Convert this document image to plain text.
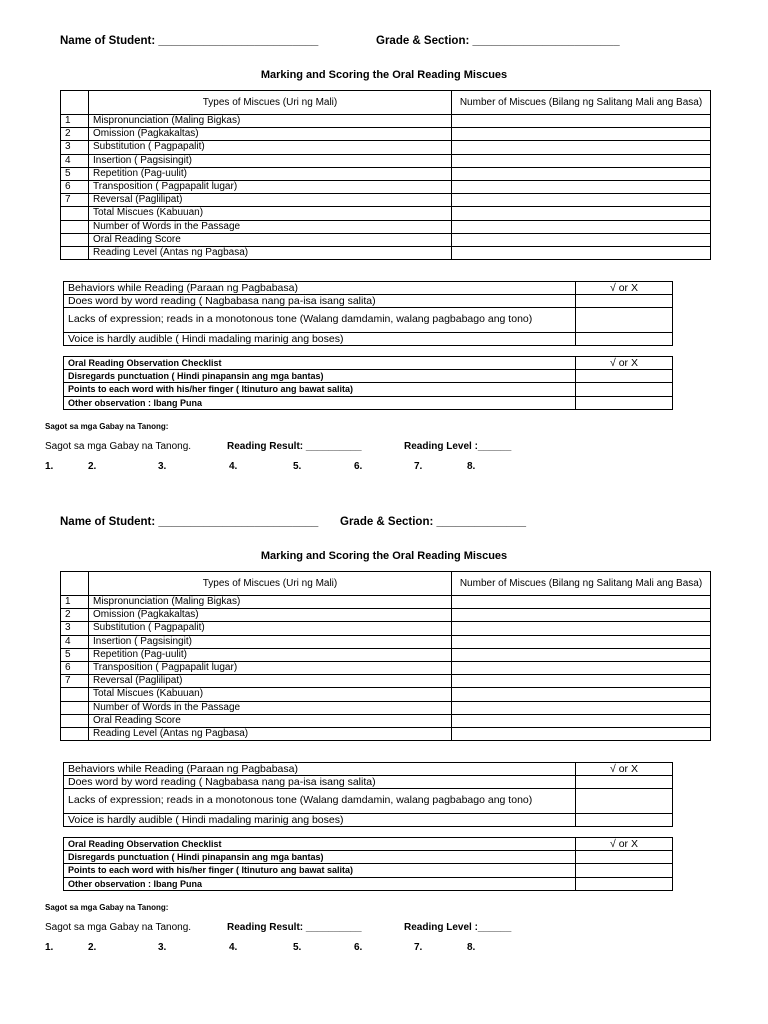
Name of Student: _________________________	Grade & Section: _______________________
Marking and Scoring the Oral Reading Miscues
	Types of Miscues (Uri ng Mali)	Number of Miscues (Bilang ng Salitang Mali ang Basa)
1	Mispronunciation (Maling Bigkas)	
2	Omission (Pagkakaltas)	
3	Substitution ( Pagpapalit)	
4	Insertion ( Pagsisingit)	
5	Repetition (Pag-uulit)	
6	Transposition ( Pagpapalit lugar)	
7	Reversal (Paglilipat)	
	Total Miscues (Kabuuan)	
	Number of Words in the Passage	
	Oral Reading Score	
	Reading Level (Antas ng Pagbasa)	
Behaviors while Reading (Paraan ng Pagbabasa)	√ or X
Does word by word reading ( Nagbabasa nang pa-isa isang salita)	
Lacks of expression; reads in a monotonous tone (Walang damdamin, walang pagbabago ang tono)	
Voice is hardly audible ( Hindi madaling marinig ang boses)	
Oral Reading Observation Checklist	√ or X
Disregards punctuation ( Hindi pinapansin ang mga bantas)	
Points to each word with his/her finger ( Itinuturo ang bawat salita)	
Other observation : Ibang Puna	
Sagot sa mga Gabay na Tanong:
Sagot sa mga Gabay na Tanong.	Reading Result: __________	Reading Level :______
1.	2.	3.	4.	5.	6.	7.	8.
Name of Student: _________________________ Grade & Section: ______________
Marking and Scoring the Oral Reading Miscues
	Types of Miscues (Uri ng Mali)	Number of Miscues (Bilang ng Salitang Mali ang Basa)
1	Mispronunciation (Maling Bigkas)	
2	Omission (Pagkakaltas)	
3	Substitution ( Pagpapalit)	
4	Insertion ( Pagsisingit)	
5	Repetition (Pag-uulit)	
6	Transposition ( Pagpapalit lugar)	
7	Reversal (Paglilipat)	
	Total Miscues (Kabuuan)	
	Number of Words in the Passage	
	Oral Reading Score	
	Reading Level (Antas ng Pagbasa)	
Behaviors while Reading (Paraan ng Pagbabasa)	√ or X
Does word by word reading ( Nagbabasa nang pa-isa isang salita)	
Lacks of expression; reads in a monotonous tone (Walang damdamin, walang pagbabago ang tono)	
Voice is hardly audible ( Hindi madaling marinig ang boses)	
Oral Reading Observation Checklist	√ or X
Disregards punctuation ( Hindi pinapansin ang mga bantas)	
Points to each word with his/her finger ( Itinuturo ang bawat salita)	
Other observation : Ibang Puna	
Sagot sa mga Gabay na Tanong:
Sagot sa mga Gabay na Tanong.	Reading Result: __________	Reading Level :______
1.	2.	3.	4.	5.	6.	7.	8.
